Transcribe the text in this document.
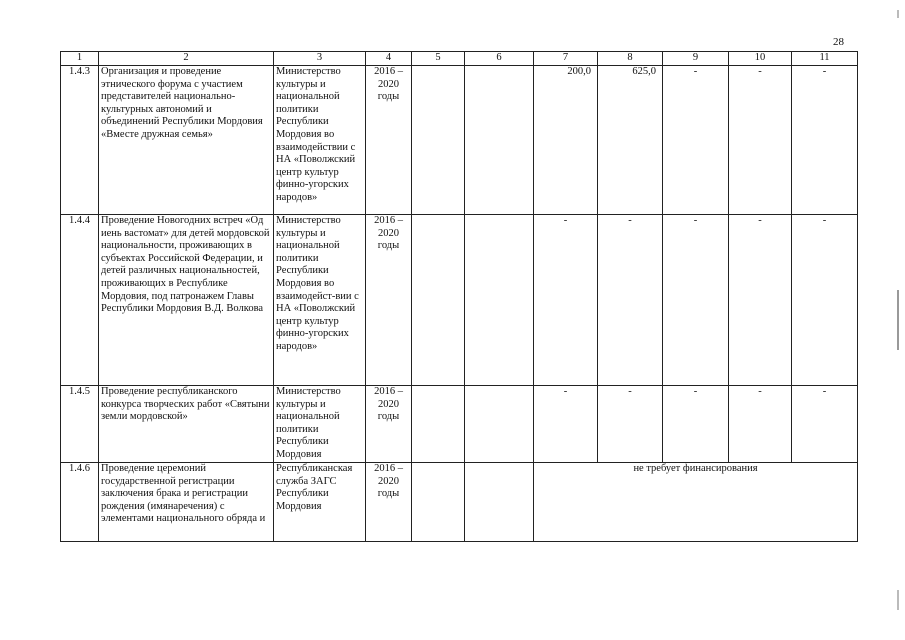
28
1	2	3	4	5	6	7	8	9	10	11
1.4.3	Организация и проведение этнического форума с участием представителей национально-культурных автономий и объединений Республики Мордовия «Вместе дружная семья»	Министерство культуры и национальной политики Республики Мордовия во взаимодействии с НА «Поволжский центр культур финно-угорских народов»	2016 – 2020 годы			200,0	625,0	-	-	-
1.4.4	Проведение Новогодних встреч «Од иень вастомат» для детей мордовской национальности, проживающих в субъектах Российской Федерации, и детей различных национальностей, проживающих в Республике Мордовия, под патронажем Главы Республики Мордовия В.Д. Волкова	Министерство культуры и национальной политики Республики Мордовия во взаимодейст-вии с НА «Поволжский центр культур финно-угорских народов»	2016 – 2020 годы			-	-	-	-	-
1.4.5	Проведение республиканского конкурса творческих работ «Святыни земли мордовской»	Министерство культуры и национальной политики Республики Мордовия	2016 – 2020 годы			-	-	-	-	-
1.4.6	Проведение церемоний государственной регистрации заключения брака и регистрации рождения (имянаречения) с элементами национального обряда и	Республиканская служба ЗАГС Республики Мордовия	2016 – 2020 годы			не требует финансирования				
